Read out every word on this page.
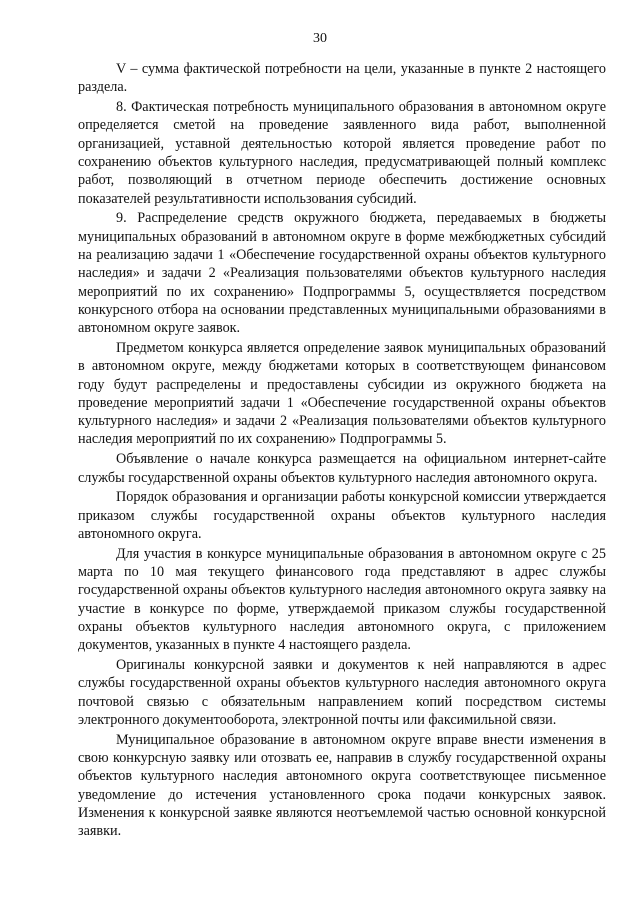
30

V – сумма фактической потребности на цели, указанные в пункте 2 настоящего раздела.

8. Фактическая потребность муниципального образования в автономном округе определяется сметой на проведение заявленного вида работ, выполненной организацией, уставной деятельностью которой является проведение работ по сохранению объектов культурного наследия, предусматривающей полный комплекс работ, позволяющий в отчетном периоде обеспечить достижение основных показателей результативности использования субсидий.

9. Распределение средств окружного бюджета, передаваемых в бюджеты муниципальных образований в автономном округе в форме межбюджетных субсидий на реализацию задачи 1 «Обеспечение государственной охраны объектов культурного наследия» и задачи 2 «Реализация пользователями объектов культурного наследия мероприятий по их сохранению» Подпрограммы 5, осуществляется посредством конкурсного отбора на основании представленных муниципальными образованиями в автономном округе заявок.

Предметом конкурса является определение заявок муниципальных образований в автономном округе, между бюджетами которых в соответствующем финансовом году будут распределены и предоставлены субсидии из окружного бюджета на проведение мероприятий задачи 1 «Обеспечение государственной охраны объектов культурного наследия» и задачи 2 «Реализация пользователями объектов культурного наследия мероприятий по их сохранению» Подпрограммы 5.

Объявление о начале конкурса размещается на официальном интернет-сайте службы государственной охраны объектов культурного наследия автономного округа.

Порядок образования и организации работы конкурсной комиссии утверждается приказом службы государственной охраны объектов культурного наследия автономного округа.

Для участия в конкурсе муниципальные образования в автономном округе с 25 марта по 10 мая текущего финансового года представляют в адрес службы государственной охраны объектов культурного наследия автономного округа заявку на участие в конкурсе по форме, утверждаемой приказом службы государственной охраны объектов культурного наследия автономного округа, с приложением документов, указанных в пункте 4 настоящего раздела.

Оригиналы конкурсной заявки и документов к ней направляются в адрес службы государственной охраны объектов культурного наследия автономного округа почтовой связью с обязательным направлением копий посредством системы электронного документооборота, электронной почты или факсимильной связи.

Муниципальное образование в автономном округе вправе внести изменения в свою конкурсную заявку или отозвать ее, направив в службу государственной охраны объектов культурного наследия автономного округа соответствующее письменное уведомление до истечения установленного срока подачи конкурсных заявок. Изменения к конкурсной заявке являются неотъемлемой частью основной конкурсной заявки.
